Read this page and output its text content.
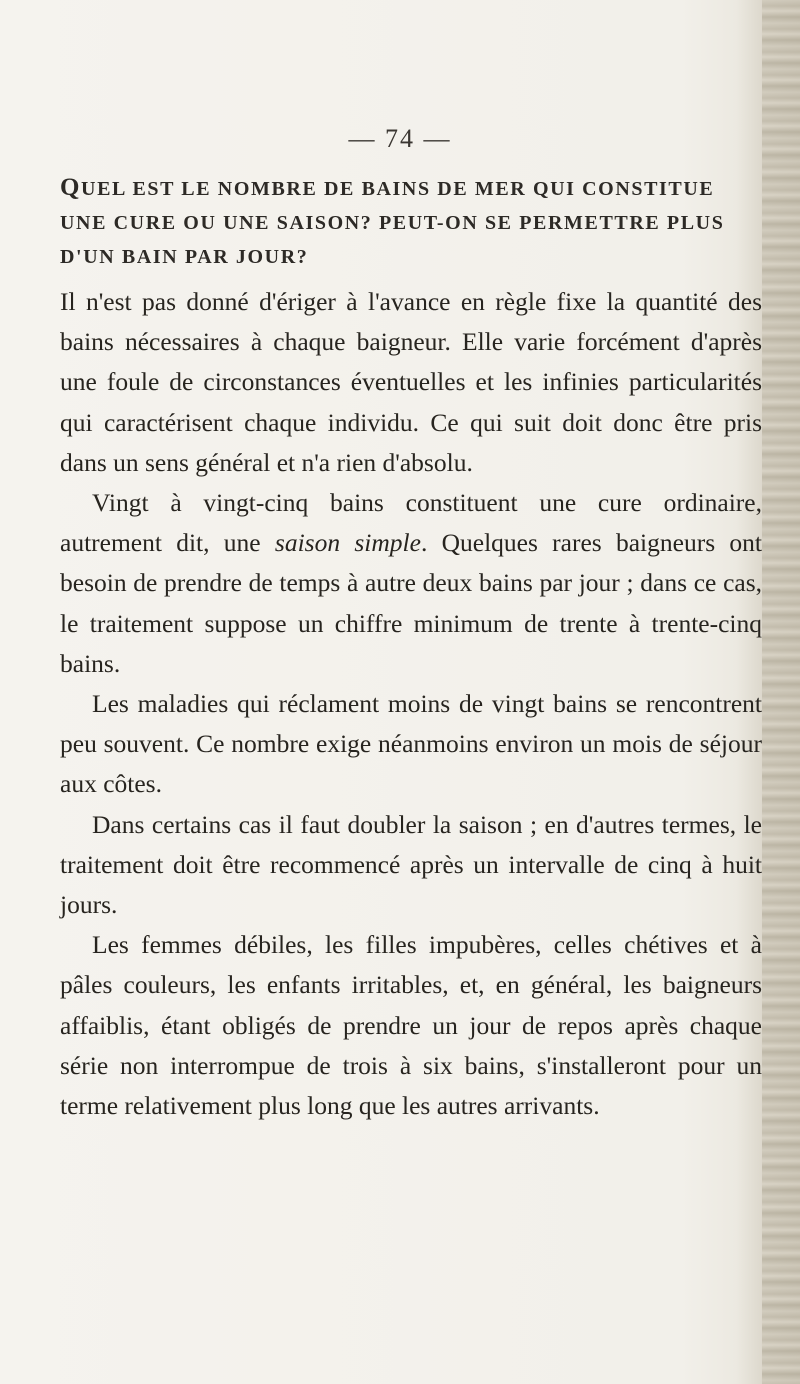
— 74 —
QUEL EST LE NOMBRE DE BAINS DE MER QUI CONSTITUE UNE CURE OU UNE SAISON? PEUT-ON SE PERMETTRE PLUS D'UN BAIN PAR JOUR?

Il n'est pas donné d'ériger à l'avance en règle fixe la quantité des bains nécessaires à chaque baigneur. Elle varie forcément d'après une foule de circonstances éventuelles et les infinies particularités qui caractérisent chaque individu. Ce qui suit doit donc être pris dans un sens général et n'a rien d'absolu.

Vingt à vingt-cinq bains constituent une cure ordinaire, autrement dit, une saison simple. Quelques rares baigneurs ont besoin de prendre de temps à autre deux bains par jour ; dans ce cas, le traitement suppose un chiffre minimum de trente à trente-cinq bains.

Les maladies qui réclament moins de vingt bains se rencontrent peu souvent. Ce nombre exige néanmoins environ un mois de séjour aux côtes.

Dans certains cas il faut doubler la saison ; en d'autres termes, le traitement doit être recommencé après un intervalle de cinq à huit jours.

Les femmes débiles, les filles impubères, celles chétives et à pâles couleurs, les enfants irritables, et, en général, les baigneurs affaiblis, étant obligés de prendre un jour de repos après chaque série non interrompue de trois à six bains, s'installeront pour un terme relativement plus long que les autres arrivants.
